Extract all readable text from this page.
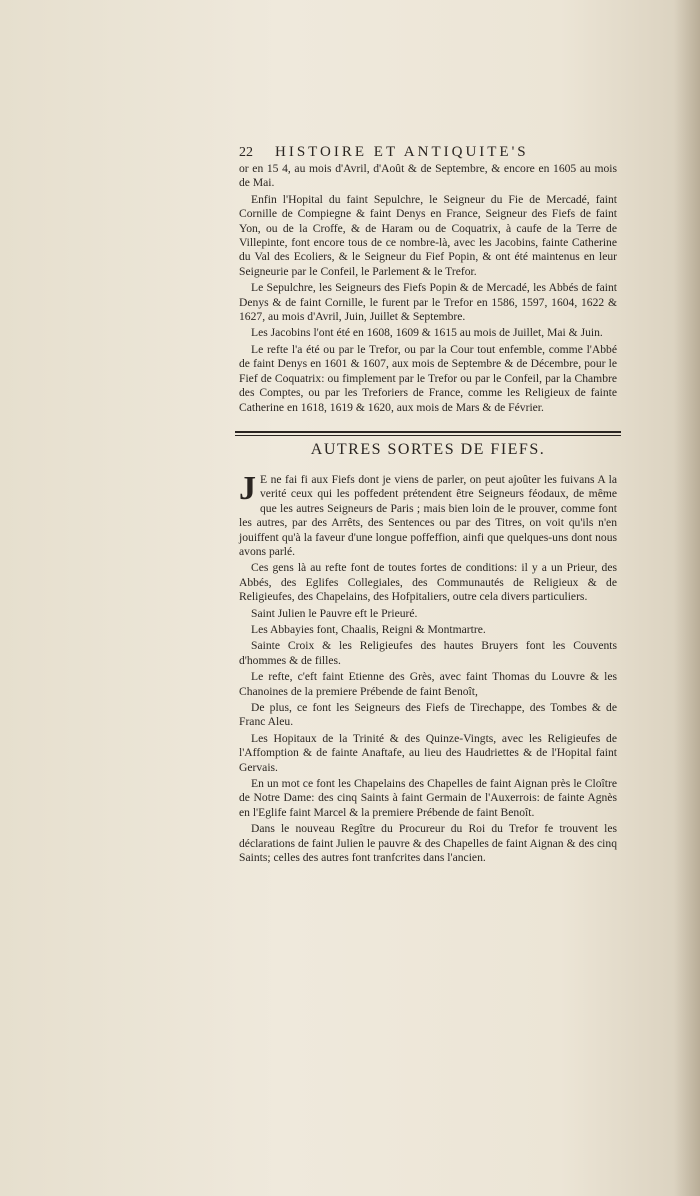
22 HISTOIRE ET ANTIQUITE'S

or en 15 4, au mois d'Avril, d'Août & de Septembre, & encore en 1605 au mois de Mai.

Enfin l'Hopital du faint Sepulchre, le Seigneur du Fie de Mercadé, faint Cornille de Compiegne & faint Denys en France, Seigneur des Fiefs de faint Yon, ou de la Croffe, & de Haram ou de Coquatrix, à caufe de la Terre de Villepinte, font encore tous de ce nombre-là, avec les Jacobins, fainte Catherine du Val des Ecoliers, & le Seigneur du Fief Popin, & ont été maintenus en leur Seigneurie par le Confeil, le Parlement & le Trefor.

Le Sepulchre, les Seigneurs des Fiefs Popin & de Mercadé, les Abbés de faint Denys & de faint Cornille, le furent par le Trefor en 1586, 1597, 1604, 1622 & 1627, au mois d'Avril, Juin, Juillet & Septembre.

Les Jacobins l'ont été en 1608, 1609 & 1615 au mois de Juillet, Mai & Juin.

Le refte l'a été ou par le Trefor, ou par la Cour tout enfemble, comme l'Abbé de faint Denys en 1601 & 1607, aux mois de Septembre & de Décembre, pour le Fief de Coquatrix: ou fimplement par le Trefor ou par le Confeil, par la Chambre des Comptes, ou par les Treforiers de France, comme les Religieux de fainte Catherine en 1618, 1619 & 1620, aux mois de Mars & de Février.

AUTRES SORTES DE FIEFS.

J E ne fai fi aux Fiefs dont je viens de parler, on peut ajoûter les fuivans A la verité ceux qui les poffedent prétendent être Seigneurs féodaux, de même que les autres Seigneurs de Paris ; mais bien loin de le prouver, comme font les autres, par des Arrêts, des Sentences ou par des Titres, on voit qu'ils n'en jouiffent qu'à la faveur d'une longue poffeffion, ainfi que quelques-uns dont nous avons parlé.

Ces gens là au refte font de toutes fortes de conditions: il y a un Prieur, des Abbés, des Eglifes Collegiales, des Communautés de Religieux & de Religieufes, des Chapelains, des Hofpitaliers, outre cela divers particuliers.

Saint Julien le Pauvre eft le Prieuré.

Les Abbayies font, Chaalis, Reigni & Montmartre.

Sainte Croix & les Religieufes des hautes Bruyers font les Couvents d'hommes & de filles.

Le refte, c'eft faint Etienne des Grès, avec faint Thomas du Louvre & les Chanoines de la premiere Prébende de faint Benoît,

De plus, ce font les Seigneurs des Fiefs de Tirechappe, des Tombes & de Franc Aleu.

Les Hopitaux de la Trinité & des Quinze-Vingts, avec les Religieufes de l'Affomption & de fainte Anaftafe, au lieu des Haudriettes & de l'Hopital faint Gervais.

En un mot ce font les Chapelains des Chapelles de faint Aignan près le Cloître de Notre Dame: des cinq Saints à faint Germain de l'Auxerrois: de fainte Agnès en l'Eglife faint Marcel & la premiere Prébende de faint Benoît.

Dans le nouveau Regître du Procureur du Roi du Trefor fe trouvent les déclarations de faint Julien le pauvre & des Chapelles de faint Aignan & des cinq Saints; celles des autres font tranfcrites dans l'ancien.
